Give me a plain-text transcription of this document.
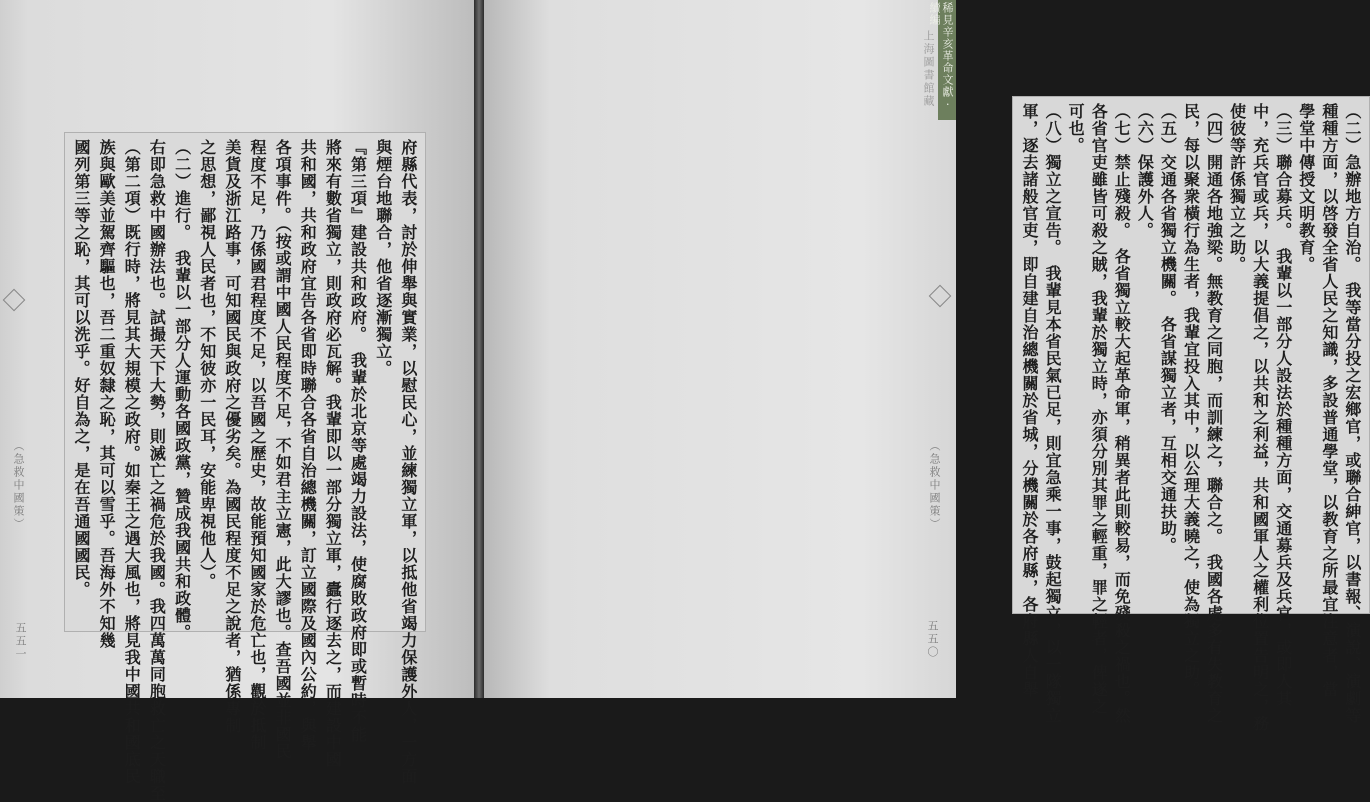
（急救中國策）
五五一	府縣代表，討於伸舉與實業，以慰民心，並練獨立軍，以抵他省竭力保護外人，一方面
與煙台地聯合，他省逐漸獨立。
『第三項』建設共和政府。　我輩於北京等處竭力設法，使腐敗政府即或暫時不能
將來有數省獨立，則政府必瓦解。我輩即以一部分獨立軍，蠹行逐去之，而建設中國
共和國，共和政府宜告各省即時聯合各省自治總機關，訂立國際及國內公約，與舉
各項事件。（按或謂中國人民程度不足，不如君主立憲，此大謬也。查吾國並非國民
程度不足，乃係國君程度不足，以吾國之歷史，故能預知國家於危亡也，觀於抵制
美貨及浙江路事，可知國民與政府之優劣矣。為國民程度不足之說者，猶係專制
之思想，鄙視人民者也，不知彼亦一民耳，安能卑視他人）。
（二）進行。　我輩以一部分人運動各國政黨，贊成我國共和政體。
右即急救中國辦法也。試撮天下大勢，則滅亡之禍危於我國。我四萬萬同胞救亡之天職至
（第二項）既行時，將見其大規模之政府。如秦王之遇大風也，將見我中國共和國底民
族與歐美並駕齊驅也，吾二重奴隸之恥，其可以雪乎。吾海外不知幾
國列第三等之恥，其可以洗乎。好自為之，是在吾通國國民。
稀見辛亥革命文獻 · 續編
上海圖書館藏
（急救中國策）
五五〇	（二）急辦地方自治。　我等當分投之宏鄉官，或聯合紳官，以書報、演說、演劇等
種種方面，以啓發全省人民之知識，多設普通學堂，以教育之所最宜注意者，當
學堂中傳授文明教育。
（三）聯合募兵。　我輩以一部分人設法於種種方面，交通募兵及兵官，或即人其
中，充兵官或兵，以大義提倡之，以共和之利益，共和國軍人之權利位置告明之，務
使彼等許係獨立之助。
（四）開通各地強梁。無教育之同胞，而訓練之，聯合之。　我國各處多有失教育之
民，每以聚衆橫行為生者，我輩宜投入其中，以公理大義曉之，使為獨立之助。
（五）交通各省獨立機關。　各省謀獨立者，互相交通扶助。
（六）保護外人。
（七）禁止殘殺。　各省獨立較大起革命軍，稍異者此則較易，而免殘殺之禍也。然
各省官吏雖皆可殺之賊，我輩於獨立時，亦須分別其罪之輕重，罪之輕者，俾遂之
可也。
（八）獨立之宣告。　我輩見本省民氣已足，則宜急乘一事，鼓起獨立，以一隊獨立
軍，逐去諸般官吏，即自建自治總機關於省城，分機關於各府縣，各府縣人自舉
